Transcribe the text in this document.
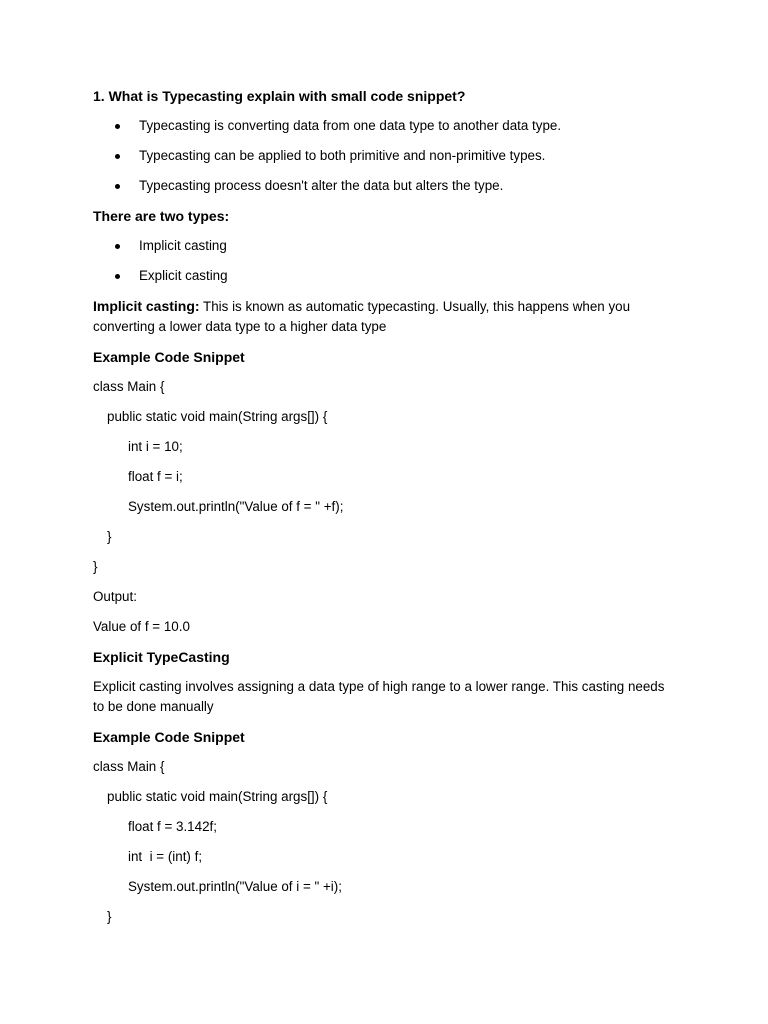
1. What is Typecasting explain with small code snippet?
Typecasting is converting data from one data type to another data type.
Typecasting can be applied to both primitive and non-primitive types.
Typecasting process doesn't alter the data but alters the type.
There are two types:
Implicit casting
Explicit casting

Implicit casting: This is known as automatic typecasting. Usually, this happens when you converting a lower data type to a higher data type

Example Code Snippet
class Main {
public static void main(String args[]) {
int i = 10;
float f = i;
System.out.println("Value of f = " +f);
}
}

Output:

Value of f = 10.0

Explicit TypeCasting

Explicit casting involves assigning a data type of high range to a lower range. This casting needs to be done manually

Example Code Snippet
class Main {
public static void main(String args[]) {
float f = 3.142f;
int  i = (int) f;
System.out.println("Value of i = " +i);
}
